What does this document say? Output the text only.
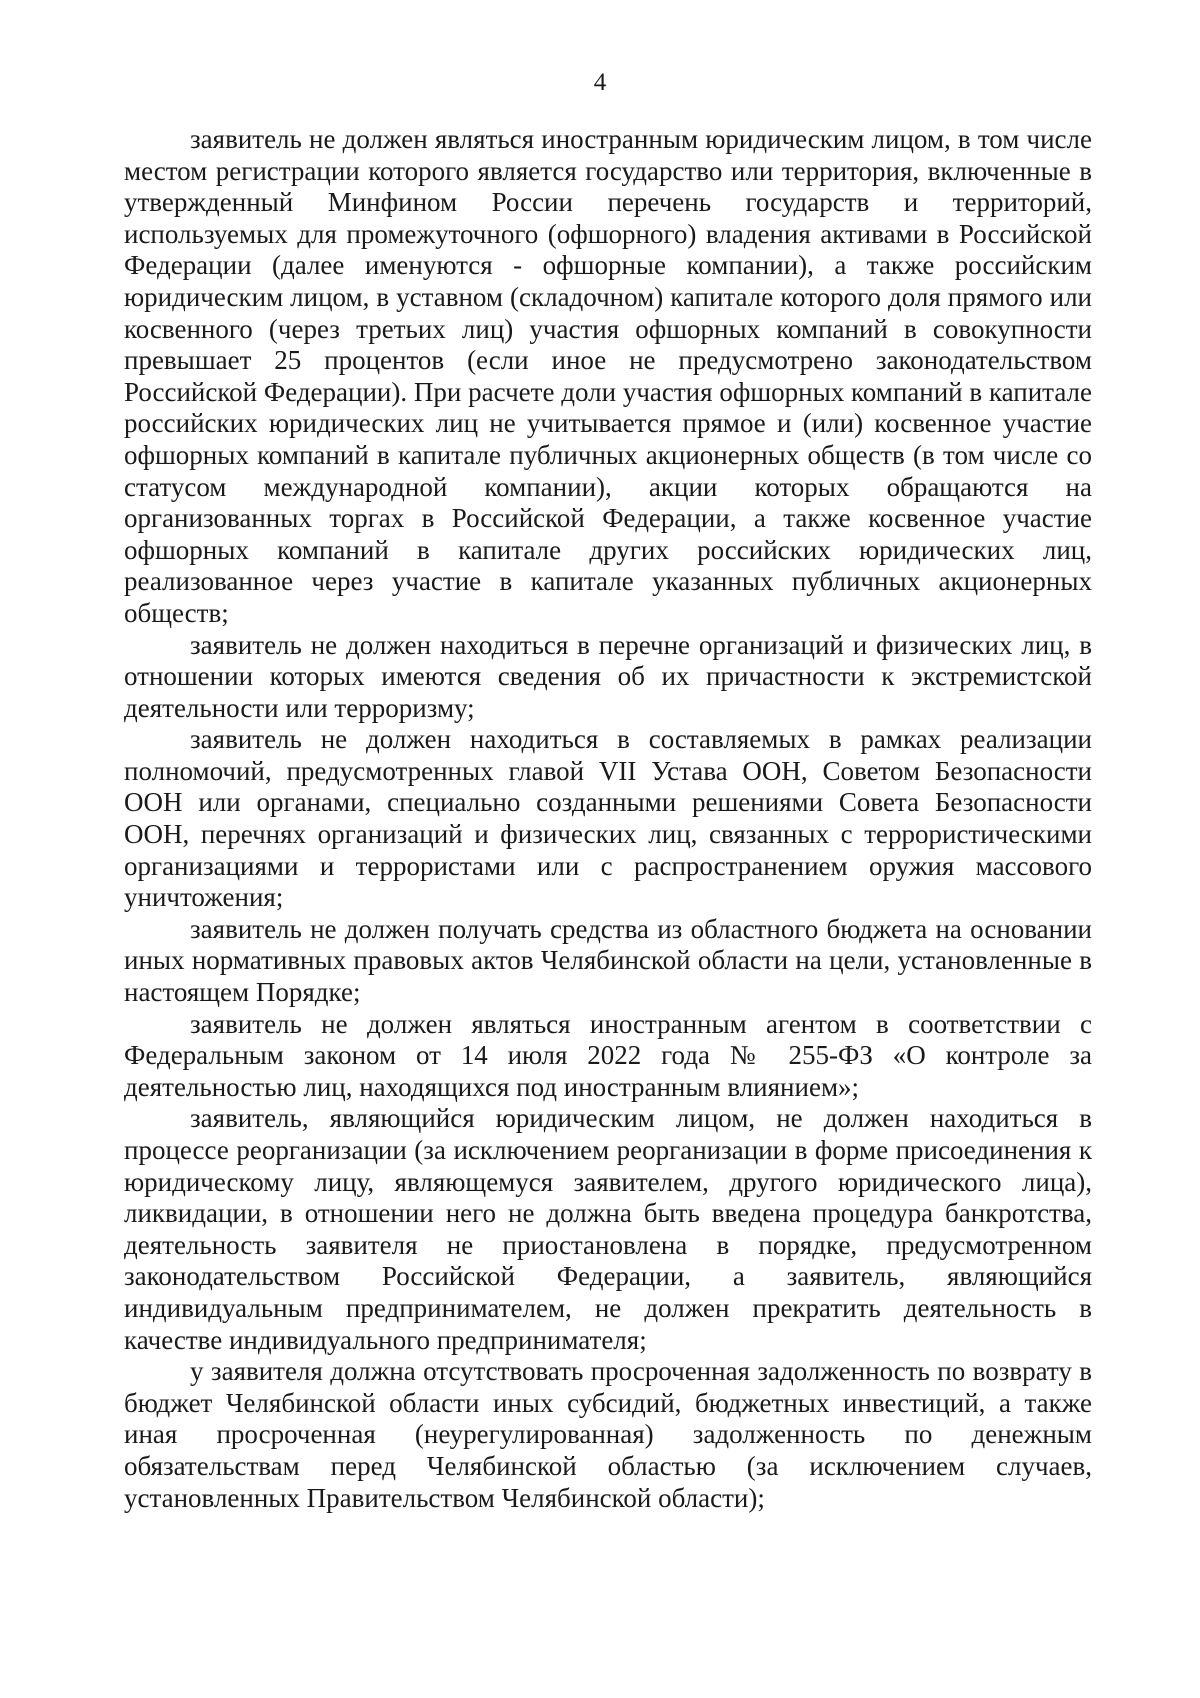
4

заявитель не должен являться иностранным юридическим лицом, в том числе местом регистрации которого является государство или территория, включенные в утвержденный Минфином России перечень государств и территорий, используемых для промежуточного (офшорного) владения активами в Российской Федерации (далее именуются - офшорные компании), а также российским юридическим лицом, в уставном (складочном) капитале которого доля прямого или косвенного (через третьих лиц) участия офшорных компаний в совокупности превышает 25 процентов (если иное не предусмотрено законодательством Российской Федерации). При расчете доли участия офшорных компаний в капитале российских юридических лиц не учитывается прямое и (или) косвенное участие офшорных компаний в капитале публичных акционерных обществ (в том числе со статусом международной компании), акции которых обращаются на организованных торгах в Российской Федерации, а также косвенное участие офшорных компаний в капитале других российских юридических лиц, реализованное через участие в капитале указанных публичных акционерных обществ;

заявитель не должен находиться в перечне организаций и физических лиц, в отношении которых имеются сведения об их причастности к экстремистской деятельности или терроризму;

заявитель не должен находиться в составляемых в рамках реализации полномочий, предусмотренных главой VII Устава ООН, Советом Безопасности ООН или органами, специально созданными решениями Совета Безопасности ООН, перечнях организаций и физических лиц, связанных с террористическими организациями и террористами или с распространением оружия массового уничтожения;

заявитель не должен получать средства из областного бюджета на основании иных нормативных правовых актов Челябинской области на цели, установленные в настоящем Порядке;

заявитель не должен являться иностранным агентом в соответствии с Федеральным законом от 14 июля 2022 года № 255-ФЗ «О контроле за деятельностью лиц, находящихся под иностранным влиянием»;

заявитель, являющийся юридическим лицом, не должен находиться в процессе реорганизации (за исключением реорганизации в форме присоединения к юридическому лицу, являющемуся заявителем, другого юридического лица), ликвидации, в отношении него не должна быть введена процедура банкротства, деятельность заявителя не приостановлена в порядке, предусмотренном законодательством Российской Федерации, а заявитель, являющийся индивидуальным предпринимателем, не должен прекратить деятельность в качестве индивидуального предпринимателя;

у заявителя должна отсутствовать просроченная задолженность по возврату в бюджет Челябинской области иных субсидий, бюджетных инвестиций, а также иная просроченная (неурегулированная) задолженность по денежным обязательствам перед Челябинской областью (за исключением случаев, установленных Правительством Челябинской области);
